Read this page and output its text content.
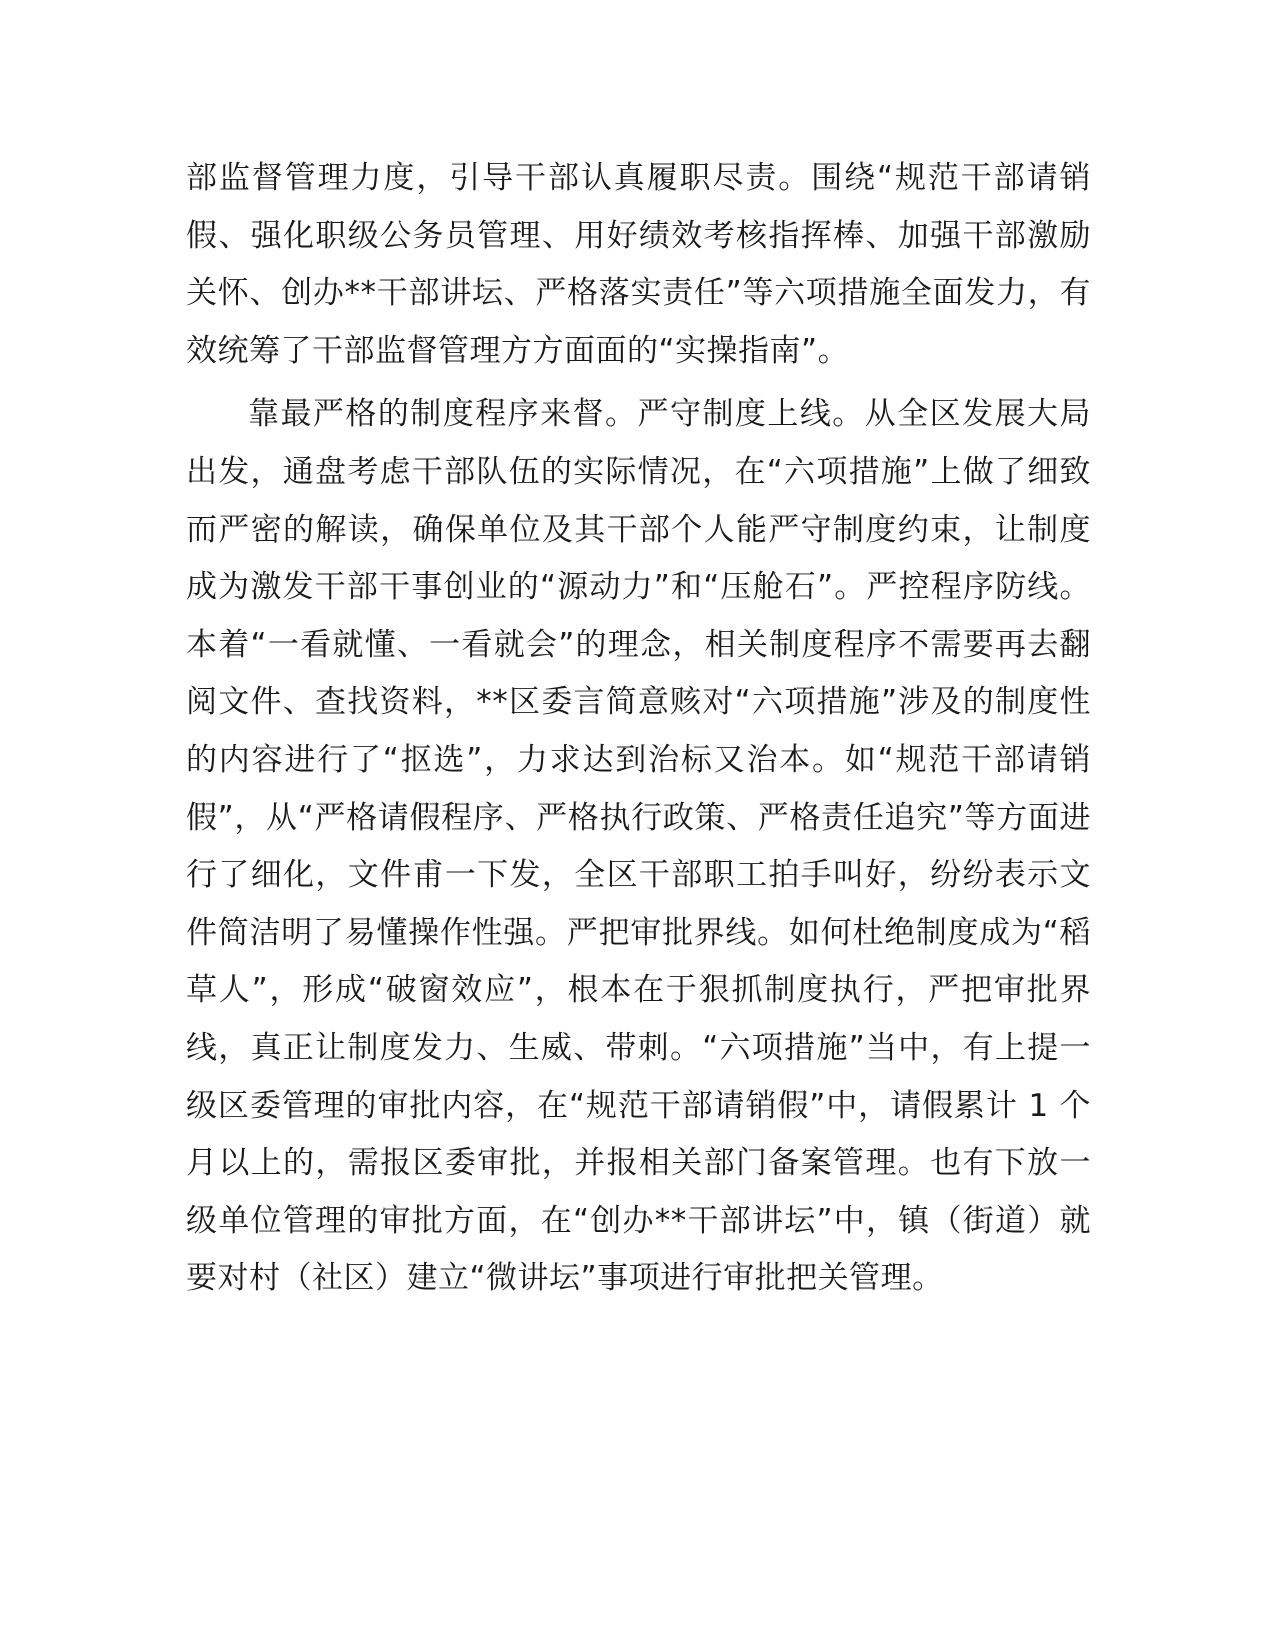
部监督管理力度，引导干部认真履职尽责。围绕“规范干部请销假、强化职级公务员管理、用好绩效考核指挥棒、加强干部激励关怀、创办**干部讲坛、严格落实责任”等六项措施全面发力，有效统筹了干部监督管理方方面面的“实操指南”。

靠最严格的制度程序来督。严守制度上线。从全区发展大局出发，通盘考虑干部队伍的实际情况，在“六项措施”上做了细致而严密的解读，确保单位及其干部个人能严守制度约束，让制度成为激发干部干事创业的“源动力”和“压舱石”。严控程序防线。本着“一看就懂、一看就会”的理念，相关制度程序不需要再去翻阅文件、查找资料，**区委言简意赅对“六项措施”涉及的制度性的内容进行了“抠选”，力求达到治标又治本。如“规范干部请销假”，从“严格请假程序、严格执行政策、严格责任追究”等方面进行了细化，文件甫一下发，全区干部职工拍手叫好，纷纷表示文件简洁明了易懂操作性强。严把审批界线。如何杜绝制度成为“稻草人”，形成“破窗效应”，根本在于狠抓制度执行，严把审批界线，真正让制度发力、生威、带刺。“六项措施”当中，有上提一级区委管理的审批内容，在“规范干部请销假”中，请假累计 1 个月以上的，需报区委审批，并报相关部门备案管理。也有下放一级单位管理的审批方面，在“创办**干部讲坛”中，镇（街道）就要对村（社区）建立“微讲坛”事项进行审批把关管理。
